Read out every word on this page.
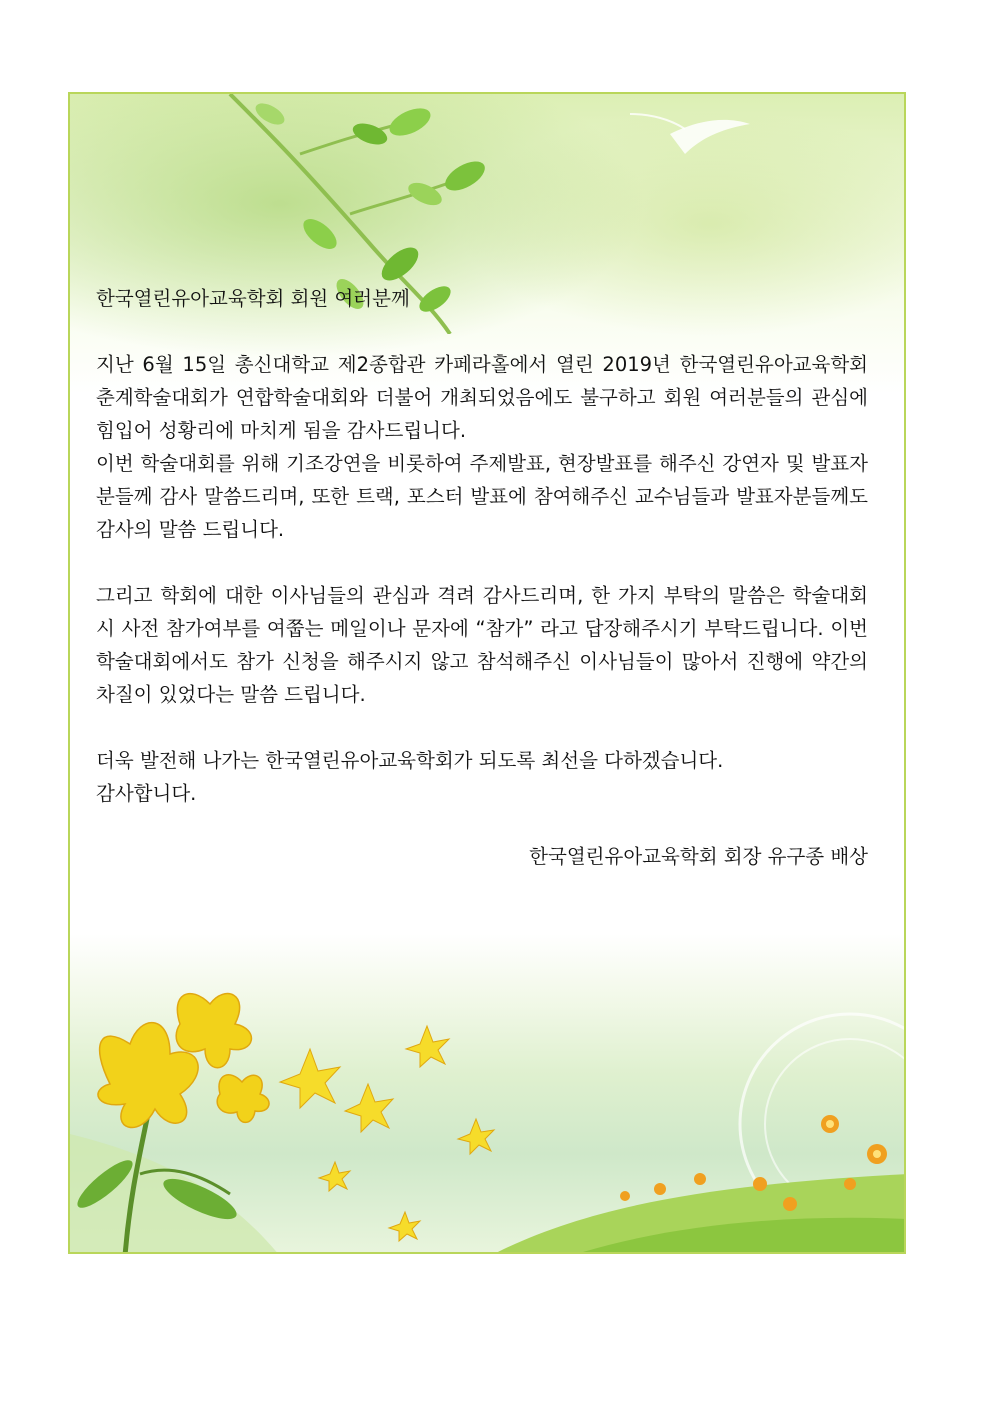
한국열린유아교육학회 회원 여러분께

지난 6월 15일 총신대학교 제2종합관 카페라홀에서 열린 2019년 한국열린유아교육학회 춘계학술대회가 연합학술대회와 더불어 개최되었음에도 불구하고 회원 여러분들의 관심에 힘입어 성황리에 마치게 됨을 감사드립니다.

이번 학술대회를 위해 기조강연을 비롯하여 주제발표, 현장발표를 해주신 강연자 및 발표자 분들께 감사 말씀드리며, 또한 트랙, 포스터 발표에 참여해주신 교수님들과 발표자분들께도 감사의 말씀 드립니다.

그리고 학회에 대한 이사님들의 관심과 격려 감사드리며, 한 가지 부탁의 말씀은 학술대회 시 사전 참가여부를 여쭙는 메일이나 문자에 “참가” 라고 답장해주시기 부탁드립니다. 이번 학술대회에서도 참가 신청을 해주시지 않고 참석해주신 이사님들이 많아서 진행에 약간의 차질이 있었다는 말씀 드립니다.

더욱 발전해 나가는 한국열린유아교육학회가 되도록 최선을 다하겠습니다.

감사합니다.

한국열린유아교육학회 회장 유구종 배상
